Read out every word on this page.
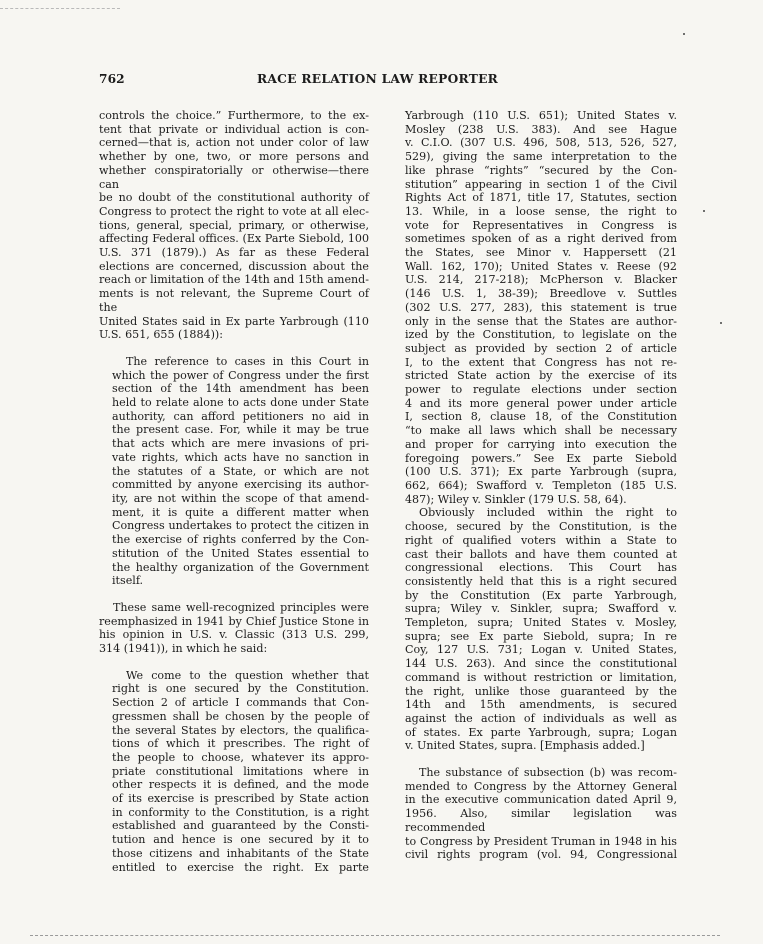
762	RACE RELATION LAW REPORTER

controls the choice.” Furthermore, to the ex-

tent that private or individual action is con-

cerned—that is, action not under color of law

whether by one, two, or more persons and

whether conspiratorially or otherwise—there can

be no doubt of the constitutional authority of

Congress to protect the right to vote at all elec-

tions, general, special, primary, or otherwise,

affecting Federal offices. (Ex Parte Siebold, 100

U.S. 371 (1879).) As far as these Federal

elections are concerned, discussion about the

reach or limitation of the 14th and 15th amend-

ments is not relevant, the Supreme Court of the

United States said in Ex parte Yarbrough (110

U.S. 651, 655 (1884)):

The reference to cases in this Court in

which the power of Congress under the first

section of the 14th amendment has been

held to relate alone to acts done under State

authority, can afford petitioners no aid in

the present case. For, while it may be true

that acts which are mere invasions of pri-

vate rights, which acts have no sanction in

the statutes of a State, or which are not

committed by anyone exercising its author-

ity, are not within the scope of that amend-

ment, it is quite a different matter when

Congress undertakes to protect the citizen in

the exercise of rights conferred by the Con-

stitution of the United States essential to

the healthy organization of the Government

itself.

These same well-recognized principles were

reemphasized in 1941 by Chief Justice Stone in

his opinion in U.S. v. Classic (313 U.S. 299,

314 (1941)), in which he said:

We come to the question whether that

right is one secured by the Constitution.

Section 2 of article I commands that Con-

gressmen shall be chosen by the people of

the several States by electors, the qualifica-

tions of which it prescribes. The right of

the people to choose, whatever its appro-

priate constitutional limitations where in

other respects it is defined, and the mode

of its exercise is prescribed by State action

in conformity to the Constitution, is a right

established and guaranteed by the Consti-

tution and hence is one secured by it to

those citizens and inhabitants of the State

entitled to exercise the right. Ex parte

Yarbrough (110 U.S. 651); United States v.

Mosley (238 U.S. 383). And see Hague

v. C.I.O. (307 U.S. 496, 508, 513, 526, 527,

529), giving the same interpretation to the

like phrase “rights” “secured by the Con-

stitution” appearing in section 1 of the Civil

Rights Act of 1871, title 17, Statutes, section

13. While, in a loose sense, the right to

vote for Representatives in Congress is

sometimes spoken of as a right derived from

the States, see Minor v. Happersett (21

Wall. 162, 170); United States v. Reese (92

U.S. 214, 217-218); McPherson v. Blacker

(146 U.S. 1, 38-39); Breedlove v. Suttles

(302 U.S. 277, 283), this statement is true

only in the sense that the States are author-

ized by the Constitution, to legislate on the

subject as provided by section 2 of article

I, to the extent that Congress has not re-

stricted State action by the exercise of its

power to regulate elections under section

4 and its more general power under article

I, section 8, clause 18, of the Constitution

“to make all laws which shall be necessary

and proper for carrying into execution the

foregoing powers.” See Ex parte Siebold

(100 U.S. 371); Ex parte Yarbrough (supra,

662, 664); Swafford v. Templeton (185 U.S.

487); Wiley v. Sinkler (179 U.S. 58, 64).

Obviously included within the right to

choose, secured by the Constitution, is the

right of qualified voters within a State to

cast their ballots and have them counted at

congressional elections. This Court has

consistently held that this is a right secured

by the Constitution (Ex parte Yarbrough,

supra; Wiley v. Sinkler, supra; Swafford v.

Templeton, supra; United States v. Mosley,

supra; see Ex parte Siebold, supra; In re

Coy, 127 U.S. 731; Logan v. United States,

144 U.S. 263). And since the constitutional

command is without restriction or limitation,

the right, unlike those guaranteed by the

14th and 15th amendments, is secured

against the action of individuals as well as

of states. Ex parte Yarbrough, supra; Logan

v. United States, supra. [Emphasis added.]

The substance of subsection (b) was recom-

mended to Congress by the Attorney General

in the executive communication dated April 9,

1956. Also, similar legislation was recommended

to Congress by President Truman in 1948 in his

civil rights program (vol. 94, Congressional
